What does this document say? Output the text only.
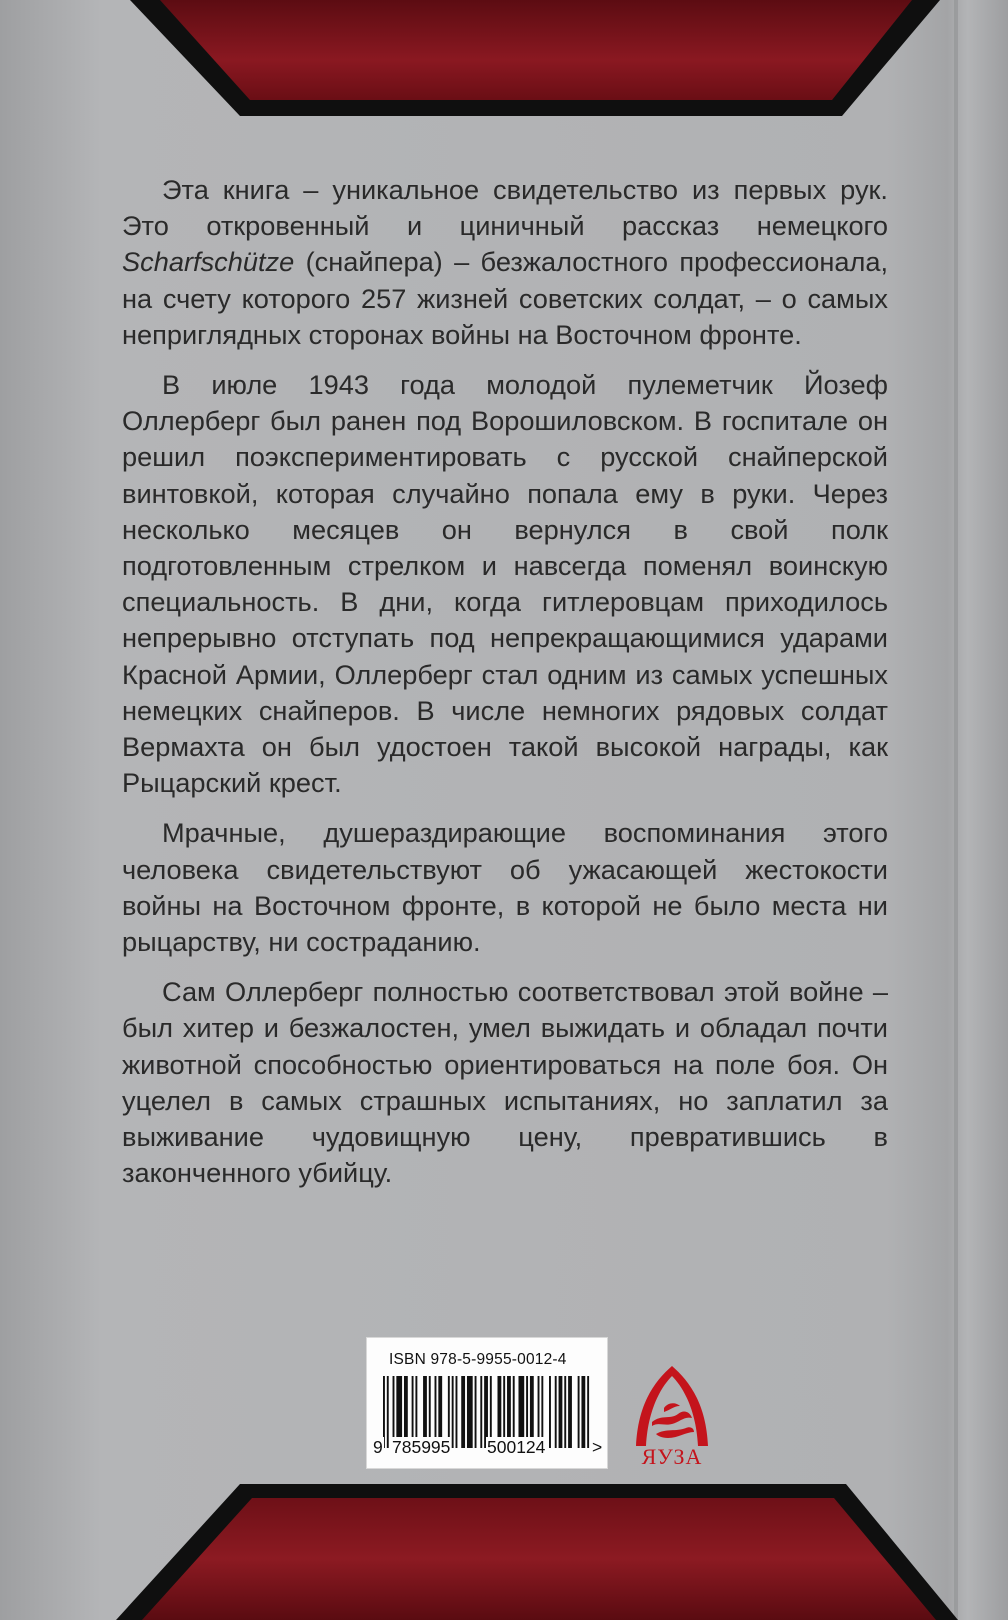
Эта книга – уникальное свидетельство из первых рук. Это откровенный и циничный рассказ немецкого Scharfschütze (снайпера) – безжалостного профессионала, на счету которого 257 жизней советских солдат, – о самых неприглядных сторонах войны на Восточном фронте.

В июле 1943 года молодой пулеметчик Йозеф Оллерберг был ранен под Ворошиловском. В госпитале он решил поэкспериментировать с русской снайперской винтовкой, которая случайно попала ему в руки. Через несколько месяцев он вернулся в свой полк подготовленным стрелком и навсегда поменял воинскую специальность. В дни, когда гитлеровцам приходилось непрерывно отступать под непрекращающимися ударами Красной Армии, Оллерберг стал одним из самых успешных немецких снайперов. В числе немногих рядовых солдат Вермахта он был удостоен такой высокой награды, как Рыцарский крест.

Мрачные, душераздирающие воспоминания этого человека свидетельствуют об ужасающей жестокости войны на Восточном фронте, в которой не было места ни рыцарству, ни состраданию.

Сам Оллерберг полностью соответствовал этой войне – был хитер и безжалостен, умел выжидать и обладал почти животной способностью ориентироваться на поле боя. Он уцелел в самых страшных испытаниях, но заплатил за выживание чудовищную цену, превратившись в законченного убийцу.

ISBN 978-5-9955-0012-4
9 785995 500124	>	ЯУЗА
